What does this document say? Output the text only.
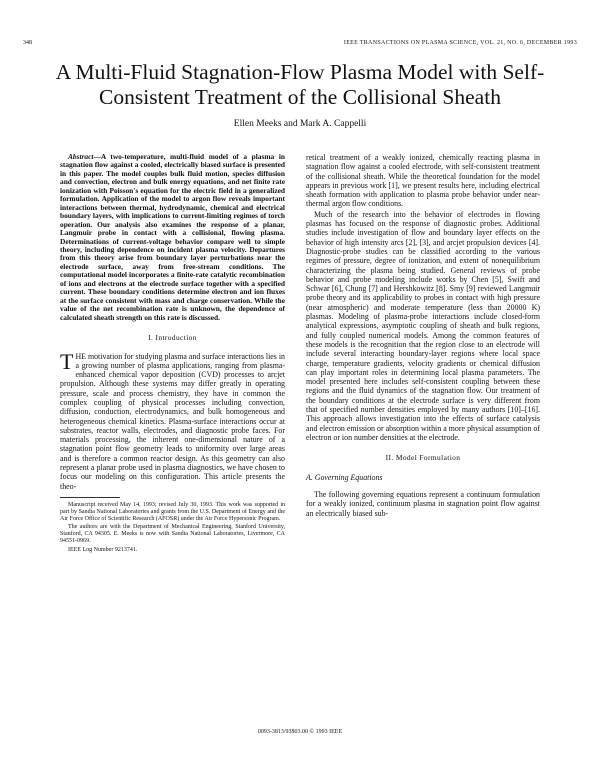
348	IEEE TRANSACTIONS ON PLASMA SCIENCE, VOL. 21, NO. 6, DECEMBER 1993
A Multi-Fluid Stagnation-Flow Plasma Model with Self-Consistent Treatment of the Collisional Sheath
Ellen Meeks and Mark A. Cappelli

Abstract—A two-temperature, multi-fluid model of a plasma in stagnation flow against a cooled, electrically biased surface is presented in this paper. The model couples bulk fluid motion, species diffusion and convection, electron and bulk energy equations, and net finite rate ionization with Poisson's equation for the electric field in a generalized formulation. Application of the model to argon flow reveals important interactions between thermal, hydrodynamic, chemical and electrical boundary layers, with implications to current-limiting regimes of torch operation. Our analysis also examines the response of a planar, Langmuir probe in contact with a collisional, flowing plasma. Determinations of current-voltage behavior compare well to simple theory, including dependence on incident plasma velocity. Departures from this theory arise from boundary layer perturbations near the electrode surface, away from free-stream conditions. The computational model incorporates a finite-rate catalytic recombination of ions and electrons at the electrode surface together with a specified current. These boundary conditions determine electron and ion fluxes at the surface consistent with mass and charge conservation. While the value of the net recombination rate is unknown, the dependence of calculated sheath strength on this rate is discussed.

I. Introduction

THE motivation for studying plasma and surface interactions lies in a growing number of plasma applications, ranging from plasma-enhanced chemical vapor deposition (CVD) processes to arcjet propulsion. Although these systems may differ greatly in operating pressure, scale and process chemistry, they have in common the complex coupling of physical processes including convection, diffusion, conduction, electrodynamics, and bulk homogeneous and heterogeneous chemical kinetics. Plasma-surface interactions occur at substrates, reactor walls, electrodes, and diagnostic probe faces. For materials processing, the inherent one-dimensional nature of a stagnation point flow geometry leads to uniformity over large areas and is therefore a common reactor design. As this geometry can also represent a planar probe used in plasma diagnostics, we have chosen to focus our modeling on this configuration. This article presents the theo-

Manuscript received May 14, 1993; revised July 30, 1993. This work was supported in part by Sandia National Laboratories and grants from the U.S. Department of Energy and the Air Force Office of Scientific Research (AFOSR) under the Air Force Hypersonic Program.

The authors are with the Department of Mechanical Engineering, Stanford University, Stanford, CA 94305. E. Meeks is now with Sandia National Laboratories, Livermore, CA 94551-0969.

IEEE Log Number 9213741.

retical treatment of a weakly ionized, chemically reacting plasma in stagnation flow against a cooled electrode, with self-consistent treatment of the collisional sheath. While the theoretical foundation for the model appears in previous work [1], we present results here, including electrical sheath formation with application to plasma probe behavior under near-thermal argon flow conditions.

Much of the research into the behavior of electrodes in flowing plasmas has focused on the response of diagnostic probes. Additional studies include investigation of flow and boundary layer effects on the behavior of high intensity arcs [2], [3], and arcjet propulsion devices [4]. Diagnostic-probe studies can be classified according to the various regimes of pressure, degree of ionization, and extent of nonequilibrium characterizing the plasma being studied. General reviews of probe behavior and probe modeling include works by Chen [5], Swift and Schwar [6], Chung [7] and Hershkowitz [8]. Smy [9] reviewed Langmuir probe theory and its applicability to probes in contact with high pressure (near atmospheric) and moderate temperature (less than 20000 K) plasmas. Modeling of plasma-probe interactions include closed-form analytical expressions, asymptotic coupling of sheath and bulk regions, and fully coupled numerical models. Among the common features of these models is the recognition that the region close to an electrode will include several interacting boundary-layer regions where local space charge, temperature gradients, velocity gradients or chemical diffusion can play important roles in determining local plasma parameters. The model presented here includes self-consistent coupling between these regions and the fluid dynamics of the stagnation flow. Our treatment of the boundary conditions at the electrode surface is very different from that of specified number densities employed by many authors [10]–[16]. This approach allows investigation into the effects of surface catalysis and electron emission or absorption within a more physical assumption of electron or ion number densities at the electrode.

II. Model Formulation
A. Governing Equations

The following governing equations represent a continuum formulation for a weakly ionized, continuum plasma in stagnation point flow against an electrically biased sub-

0093-3813/93$03.00 © 1993 IEEE
